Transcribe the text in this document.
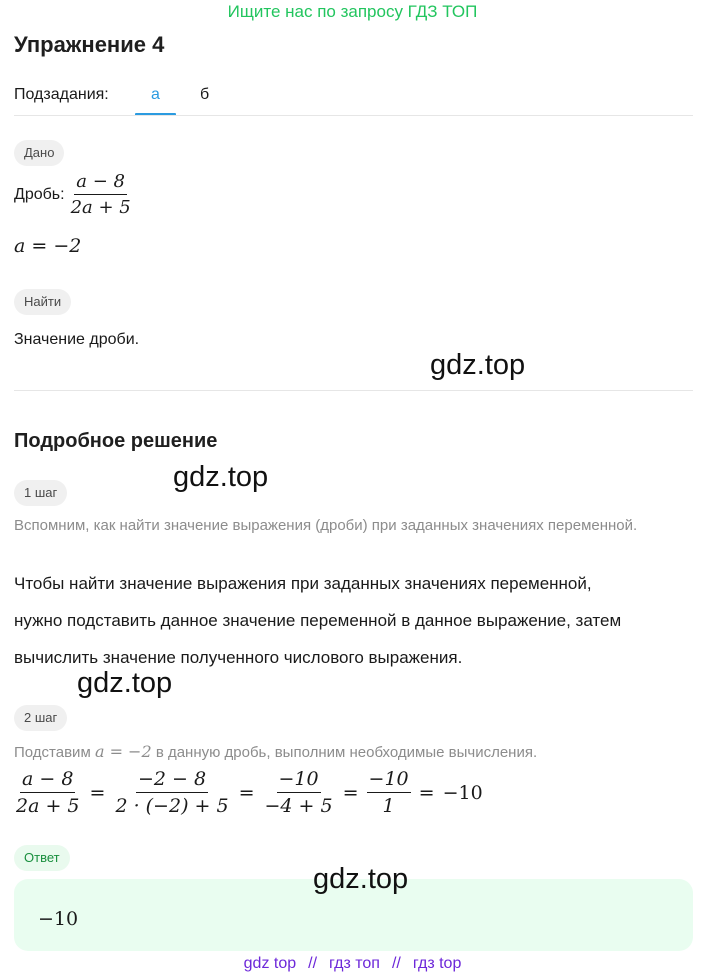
Ищите нас по запросу ГДЗ ТОП
Упражнение 4
Подзадания:	а	б
Дано
Дробь: $\frac{a - 8}{2a + 5}$
a = −2
Найти
Значение дроби.
gdz.top
Подробное решение
gdz.top
1 шаг
Вспомним, как найти значение выражения (дроби) при заданных значениях переменной.
Чтобы найти значение выражения при заданных значениях переменной,
нужно подставить данное значение переменной в данное выражение, затем
вычислить значение полученного числового выражения.
gdz.top
2 шаг
Подставим a = −2 в данную дробь, выполним необходимые вычисления.
$\frac{a - 8}{2a + 5} = \frac{-2 - 8}{2 \cdot (-2) + 5} = \frac{-10}{-4 + 5} = \frac{-10}{1} = -10$
Ответ
−10
gdz.top
gdz top // гдз топ // гдз top
